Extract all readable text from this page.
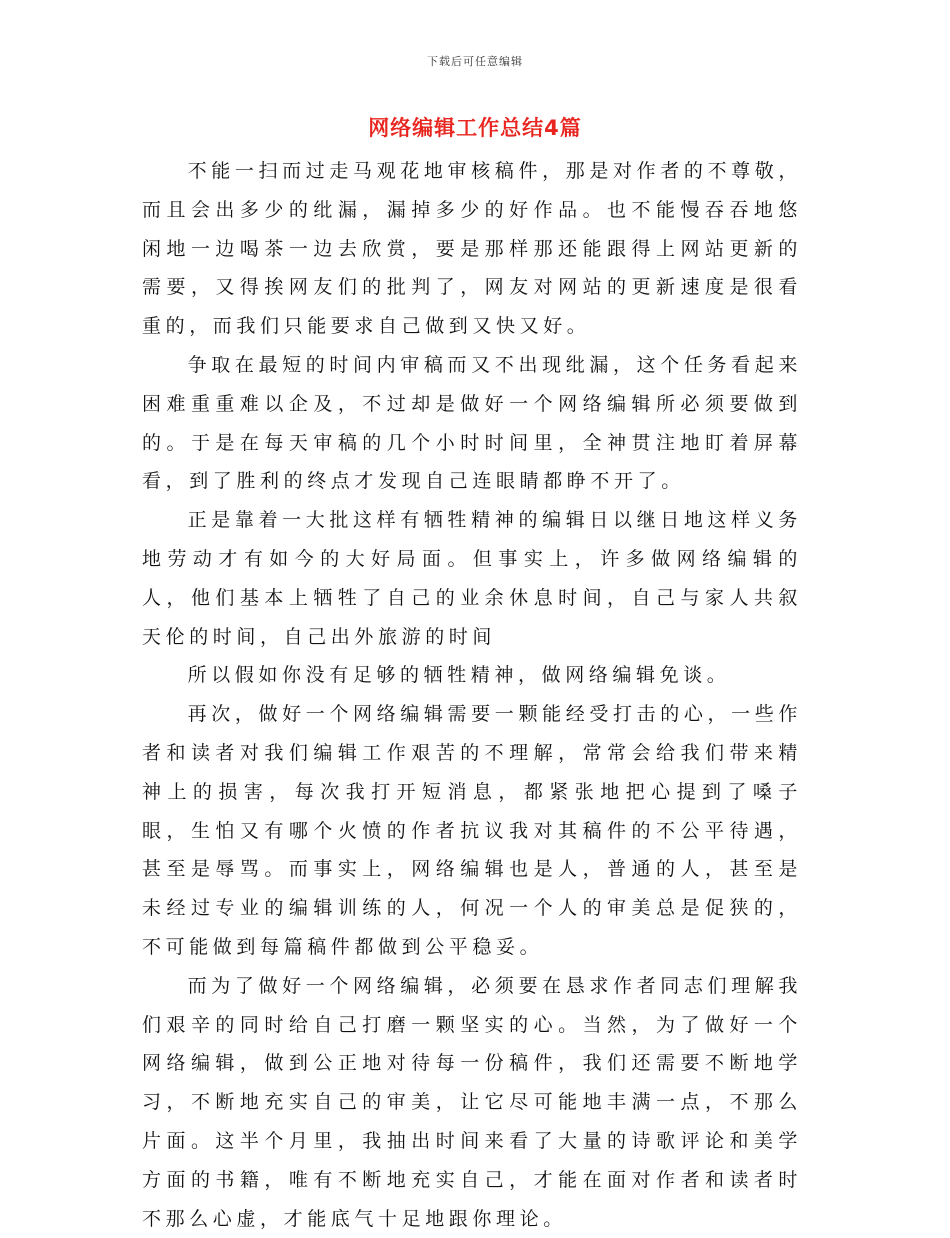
下载后可任意编辑
网络编辑工作总结4篇

不能一扫而过走马观花地审核稿件，那是对作者的不尊敬，而且会出多少的纰漏，漏掉多少的好作品。也不能慢吞吞地悠闲地一边喝茶一边去欣赏，要是那样那还能跟得上网站更新的需要，又得挨网友们的批判了，网友对网站的更新速度是很看重的，而我们只能要求自己做到又快又好。

争取在最短的时间内审稿而又不出现纰漏，这个任务看起来困难重重难以企及，不过却是做好一个网络编辑所必须要做到的。于是在每天审稿的几个小时时间里，全神贯注地盯着屏幕看，到了胜利的终点才发现自己连眼睛都睁不开了。

正是靠着一大批这样有牺牲精神的编辑日以继日地这样义务地劳动才有如今的大好局面。但事实上，许多做网络编辑的人，他们基本上牺牲了自己的业余休息时间，自己与家人共叙天伦的时间，自己出外旅游的时间

所以假如你没有足够的牺牲精神，做网络编辑免谈。

再次，做好一个网络编辑需要一颗能经受打击的心，一些作者和读者对我们编辑工作艰苦的不理解，常常会给我们带来精神上的损害，每次我打开短消息，都紧张地把心提到了嗓子眼，生怕又有哪个火愤的作者抗议我对其稿件的不公平待遇，甚至是辱骂。而事实上，网络编辑也是人，普通的人，甚至是未经过专业的编辑训练的人，何况一个人的审美总是促狭的，不可能做到每篇稿件都做到公平稳妥。

而为了做好一个网络编辑，必须要在恳求作者同志们理解我们艰辛的同时给自己打磨一颗坚实的心。当然，为了做好一个网络编辑，做到公正地对待每一份稿件，我们还需要不断地学习，不断地充实自己的审美，让它尽可能地丰满一点，不那么片面。这半个月里，我抽出时间来看了大量的诗歌评论和美学方面的书籍，唯有不断地充实自己，才能在面对作者和读者时不那么心虚，才能底气十足地跟你理论。
